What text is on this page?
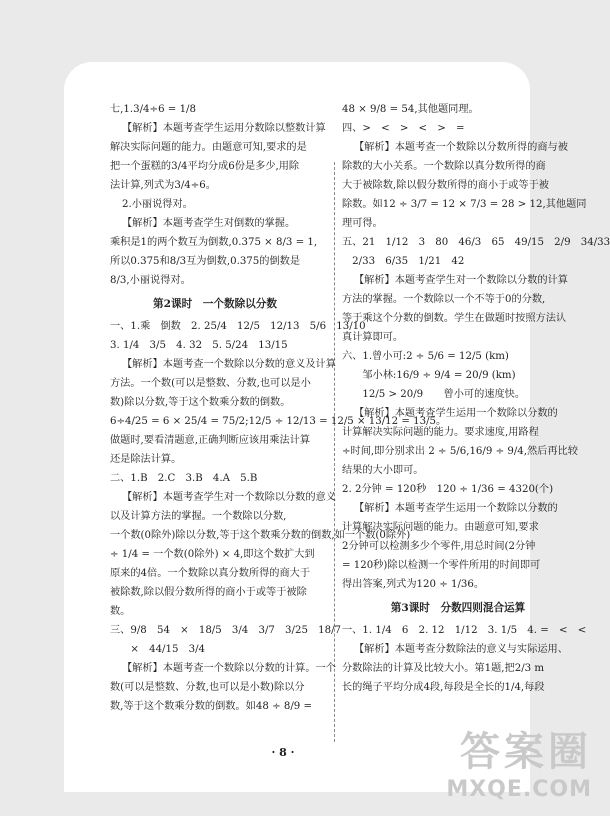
七,1.3/4÷6 = 1/8
【解析】本题考查学生运用分数除以整数计算
解决实际问题的能力。由题意可知,要求的是
把一个蛋糕的3/4平均分成6份是多少,用除
法计算,列式为3/4÷6。
2.小丽说得对。
【解析】本题考查学生对倒数的掌握。
乘积是1的两个数互为倒数,0.375 × 8/3 = 1,
所以0.375和8/3互为倒数,0.375的倒数是
8/3,小丽说得对。
第2课时　一个数除以分数
一、1.乘　倒数　2. 25/4　12/5　12/13　5/6　13/10
3. 1/4　3/5　4. 32　5. 5/24　13/15
【解析】本题考查一个数除以分数的意义及计算
方法。一个数(可以是整数、分数,也可以是小
数)除以分数,等于这个数乘分数的倒数。
6÷4/25 = 6 × 25/4 = 75/2;12/5 ÷ 12/13 = 12/5 × 13/12 = 13/5。
做题时,要看清题意,正确判断应该用乘法计算
还是除法计算。
二、1.B　2.C　3.B　4.A　5.B
【解析】本题考查学生对一个数除以分数的意义
以及计算方法的掌握。一个数除以分数,
一个数(0除外)除以分数,等于这个数乘分数的倒数,如一个数(0除外)
÷ 1/4 = 一个数(0除外) × 4,即这个数扩大到
原来的4倍。一个数除以真分数所得的商大于
被除数,除以假分数所得的商小于或等于被除
数。
三、9/8　54　×　18/5　3/4　3/7　3/25　18/7
　　×　44/15　3/4
【解析】本题考查一个数除以分数的计算。一个
数(可以是整数、分数,也可以是小数)除以分
数,等于这个数乘分数的倒数。如48 ÷ 8/9 =
48 × 9/8 = 54,其他题同理。
四、>　<　>　<　>　=
【解析】本题考查一个数除以分数所得的商与被
除数的大小关系。一个数除以真分数所得的商
大于被除数,除以假分数所得的商小于或等于被
除数。如12 ÷ 3/7 = 12 × 7/3 = 28 > 12,其他题同
理可得。
五、21　1/12　3　80　46/3　65　49/15　2/9　34/33
　2/33　6/35　1/21　42
【解析】本题考查学生对一个数除以分数的计算
方法的掌握。一个数除以一个不等于0的分数,
等于乘这个分数的倒数。学生在做题时按照方法认
真计算即可。
六、1.曾小可:2 ÷ 5/6 = 12/5 (km)
　　邹小林:16/9 ÷ 9/4 = 20/9 (km)
　　12/5 > 20/9　　曾小可的速度快。
【解析】本题考查学生运用一个数除以分数的
计算解决实际问题的能力。要求速度,用路程
÷时间,即分别求出 2 ÷ 5/6,16/9 ÷ 9/4,然后再比较
结果的大小即可。
2. 2分钟 = 120秒　120 ÷ 1/36 = 4320(个)
【解析】本题考查学生运用一个数除以分数的
计算解决实际问题的能力。由题意可知,要求
2分钟可以检测多少个零件,用总时间(2分钟
= 120秒)除以检测一个零件所用的时间即可
得出答案,列式为120 ÷ 1/36。
第3课时　分数四则混合运算
一、1. 1/4　6　2. 12　1/12　3. 1/5　4. =　<　<
【解析】本题考查分数除法的意义与实际运用、
分数除法的计算及比较大小。第1题,把2/3 m
长的绳子平均分成4段,每段是全长的1/4,每段
· 8 ·	答案圈
MXQE.COM
